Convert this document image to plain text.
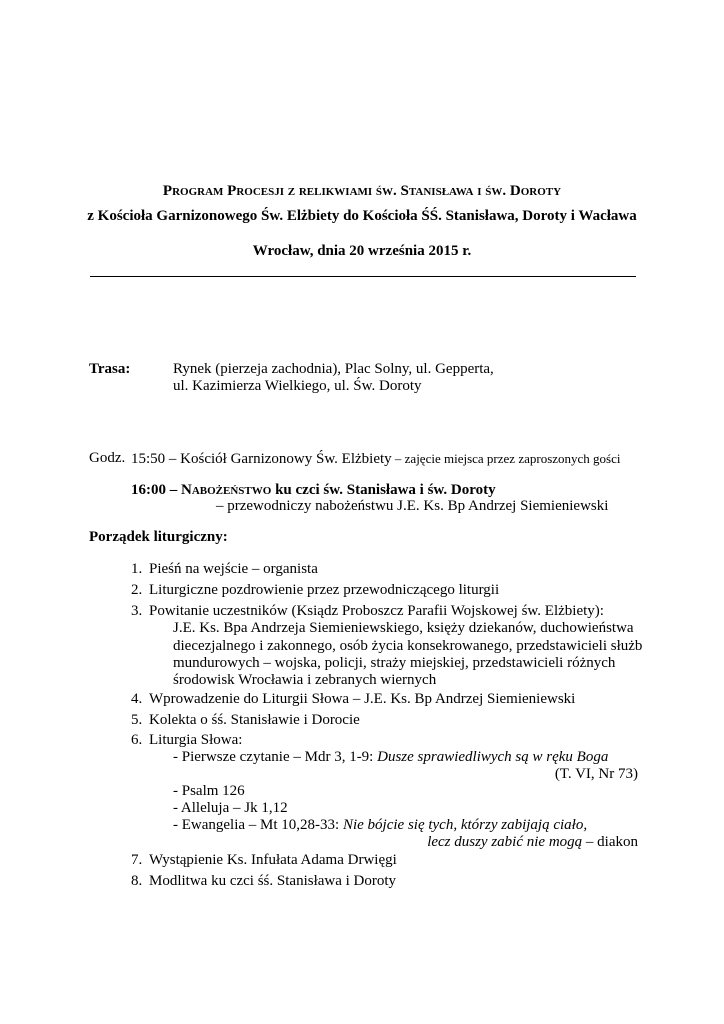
Program Procesji z relikwiami św. Stanisława i św. Doroty
z Kościoła Garnizonowego Św. Elżbiety do Kościoła ŚŚ. Stanisława, Doroty i Wacława
Wrocław, dnia 20 września 2015 r.
Trasa:	Rynek (pierzeja zachodnia), Plac Solny, ul. Gepperta,
ul. Kazimierza Wielkiego, ul. Św. Doroty
Godz. 15:50 – Kościół Garnizonowy Św. Elżbiety – zajęcie miejsca przez zaproszonych gości
16:00 – Nabożeństwo ku czci św. Stanisława i św. Doroty
– przewodniczy nabożeństwu J.E. Ks. Bp Andrzej Siemieniewski
Porządek liturgiczny:
1. Pieśń na wejście – organista
2. Liturgiczne pozdrowienie przez przewodniczącego liturgii
3. Powitanie uczestników (Ksiądz Proboszcz Parafii Wojskowej św. Elżbiety):
J.E. Ks. Bpa Andrzeja Siemieniewskiego, księży dziekanów, duchowieństwa
diecezjalnego i zakonnego, osób życia konsekrowanego, przedstawicieli służb
mundurowych – wojska, policji, straży miejskiej, przedstawicieli różnych
środowisk Wrocławia i zebranych wiernych
4. Wprowadzenie do Liturgii Słowa – J.E. Ks. Bp Andrzej Siemieniewski
5. Kolekta o śś. Stanisławie i Dorocie
6. Liturgia Słowa:
- Pierwsze czytanie – Mdr 3, 1-9: Dusze sprawiedliwych są w ręku Boga
(T. VI, Nr 73)
- Psalm 126
- Alleluja – Jk 1,12
- Ewangelia – Mt 10,28-33: Nie bójcie się tych, którzy zabijają ciało,
lecz duszy zabić nie mogą – diakon
7. Wystąpienie Ks. Infułata Adama Drwięgi
8. Modlitwa ku czci śś. Stanisława i Doroty
